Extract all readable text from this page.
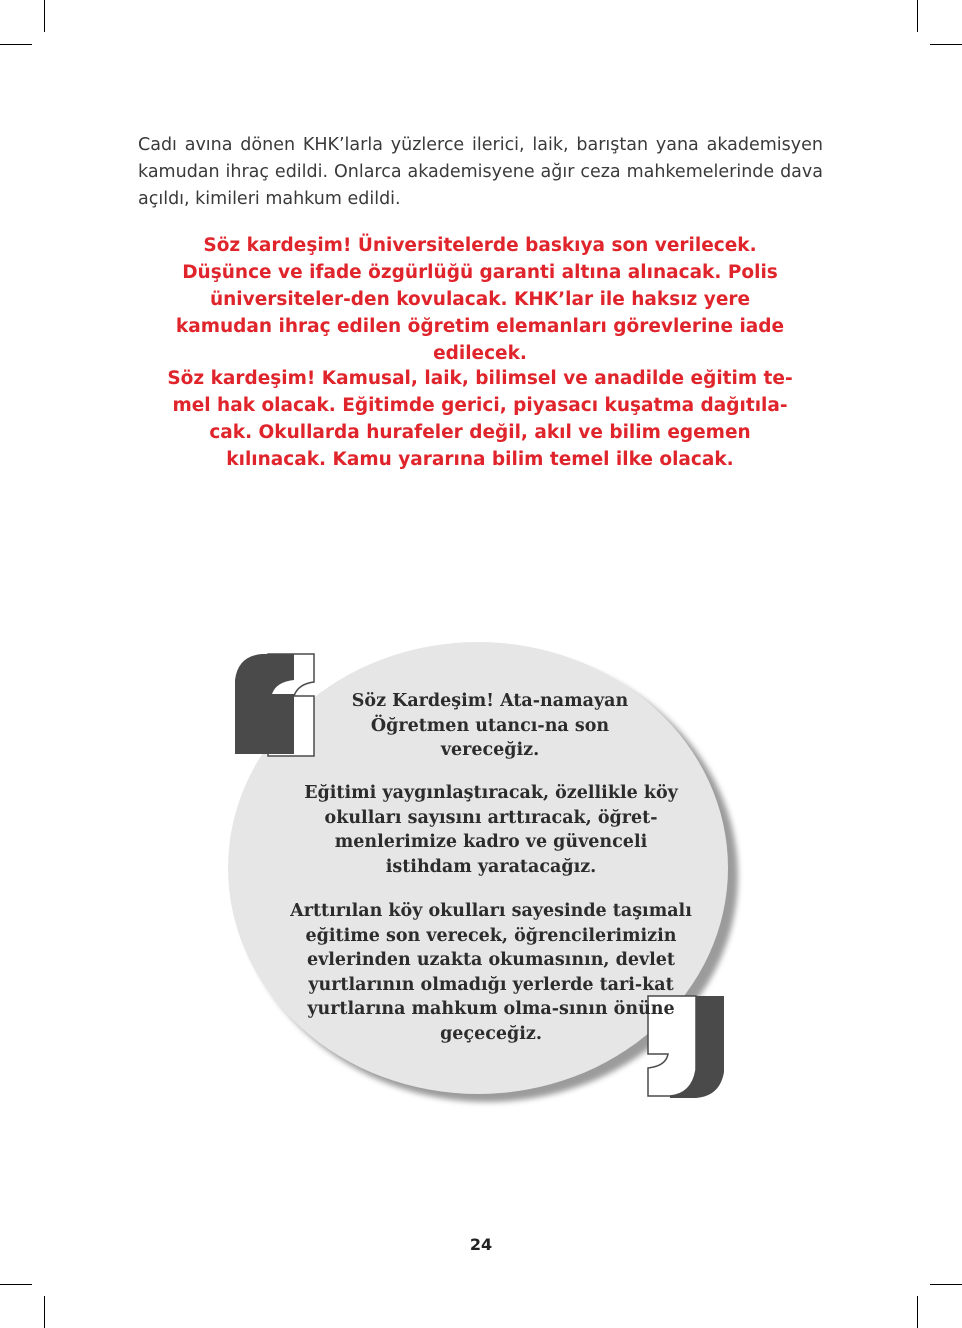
Cadı avına dönen KHK’larla yüzlerce ilerici, laik, barıştan yana akademisyen kamudan ihraç edildi. Onlarca akademisyene ağır ceza mahkemelerinde dava açıldı, kimileri mahkum edildi.

Söz kardeşim! Üniversitelerde baskıya son verilecek. Düşünce ve ifade özgürlüğü garanti altına alınacak. Polis üniversiteler-den kovulacak. KHK’lar ile haksız yere kamudan ihraç edilen öğretim elemanları görevlerine iade edilecek.

Söz kardeşim! Kamusal, laik, bilimsel ve anadilde eğitim te-mel hak olacak. Eğitimde gerici, piyasacı kuşatma dağıtıla-cak. Okullarda hurafeler değil, akıl ve bilim egemen kılınacak. Kamu yararına bilim temel ilke olacak.

Söz Kardeşim! Ata-namayan Öğretmen utancı-na son vereceğiz.

Eğitimi yaygınlaştıracak, özellikle köy okulları sayısını arttıracak, öğret-menlerimize kadro ve güvenceli istihdam yaratacağız.

Arttırılan köy okulları sayesinde taşımalı eğitime son verecek, öğrencilerimizin evlerinden uzakta okumasının, devlet yurtlarının olmadığı yerlerde tari-kat yurtlarına mahkum olma-sının önüne geçeceğiz.

24
